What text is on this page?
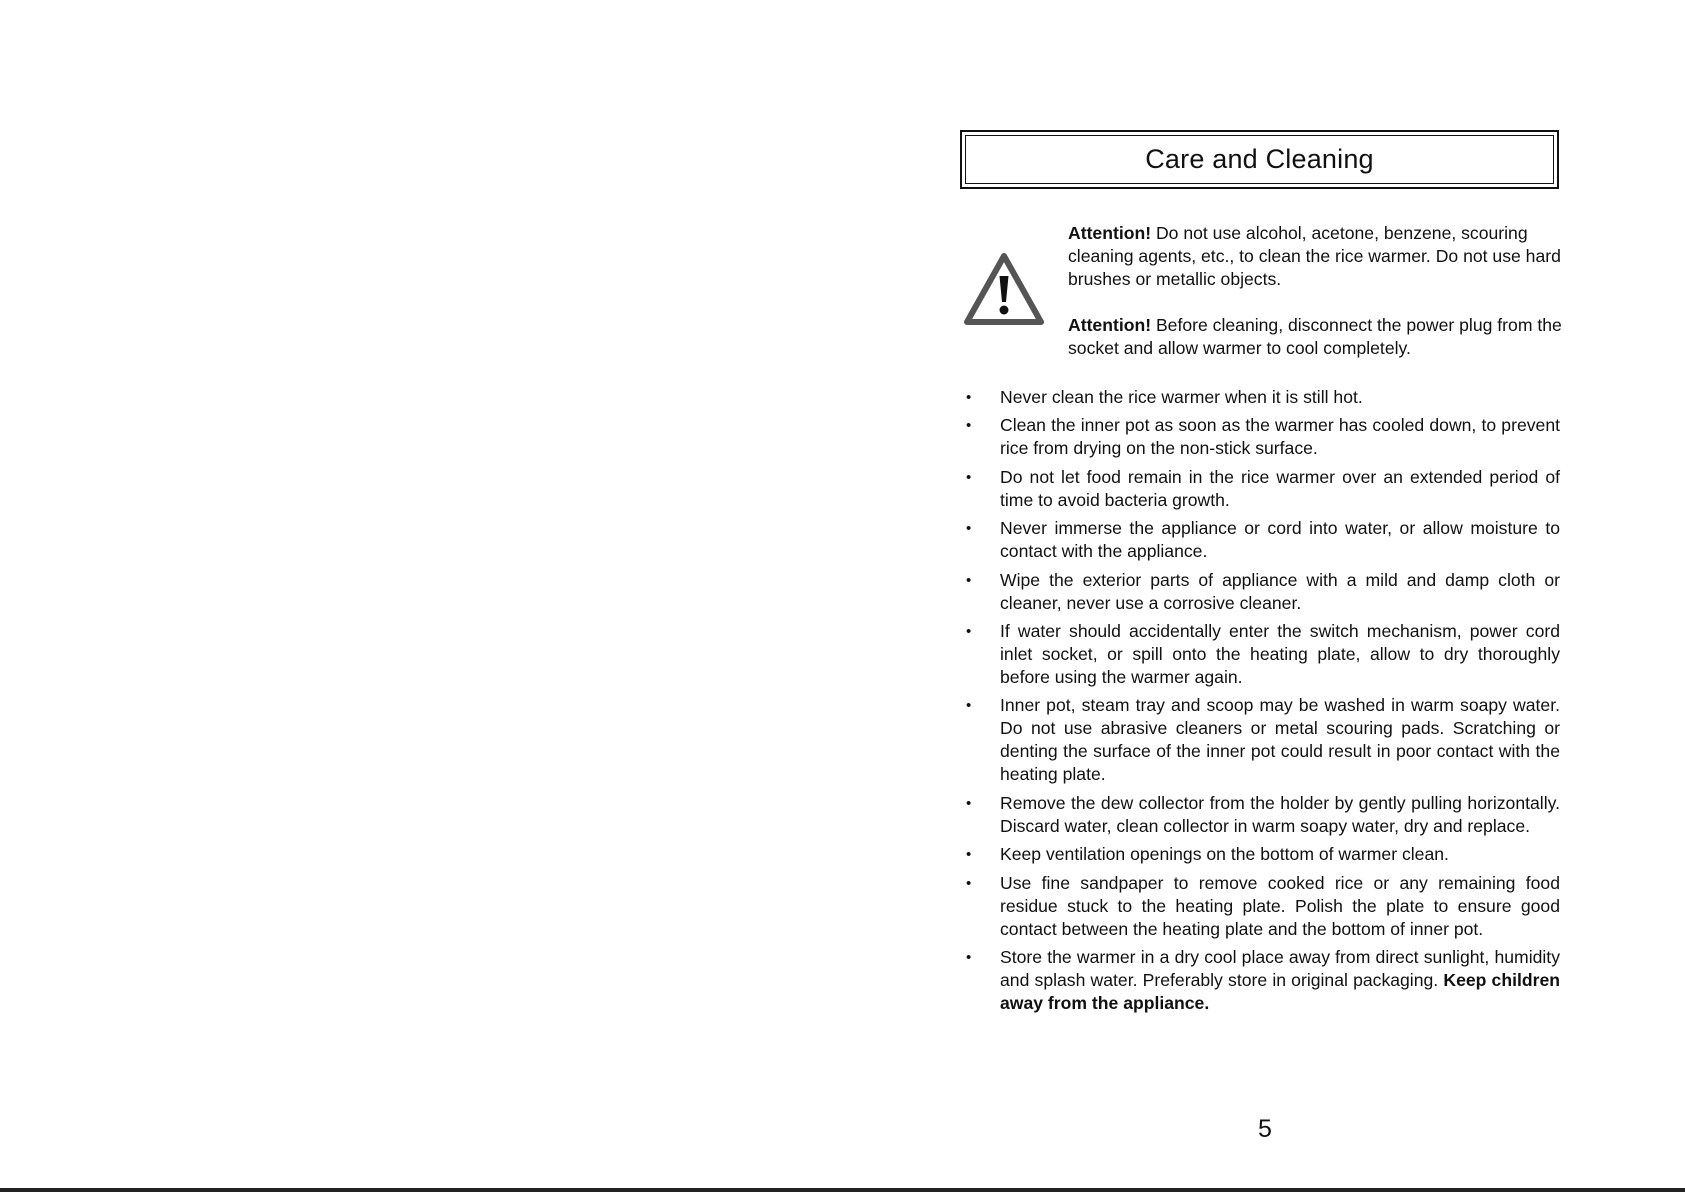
Care and Cleaning
Attention! Do not use alcohol, acetone, benzene, scouring cleaning agents, etc., to clean the rice warmer. Do not use hard brushes or metallic objects.
Attention! Before cleaning, disconnect the power plug from the socket and allow warmer to cool completely.
• Never clean the rice warmer when it is still hot.
• Clean the inner pot as soon as the warmer has cooled down, to prevent rice from drying on the non-stick surface.
• Do not let food remain in the rice warmer over an extended period of time to avoid bacteria growth.
• Never immerse the appliance or cord into water, or allow moisture to contact with the appliance.
• Wipe the exterior parts of appliance with a mild and damp cloth or cleaner, never use a corrosive cleaner.
• If water should accidentally enter the switch mechanism, power cord inlet socket, or spill onto the heating plate, allow to dry thoroughly before using the warmer again.
• Inner pot, steam tray and scoop may be washed in warm soapy water. Do not use abrasive cleaners or metal scouring pads. Scratching or denting the surface of the inner pot could result in poor contact with the heating plate.
• Remove the dew collector from the holder by gently pulling horizontally. Discard water, clean collector in warm soapy water, dry and replace.
• Keep ventilation openings on the bottom of warmer clean.
• Use fine sandpaper to remove cooked rice or any remaining food residue stuck to the heating plate. Polish the plate to ensure good contact between the heating plate and the bottom of inner pot.
• Store the warmer in a dry cool place away from direct sunlight, humidity and splash water. Preferably store in original packaging. Keep children away from the appliance.
5
